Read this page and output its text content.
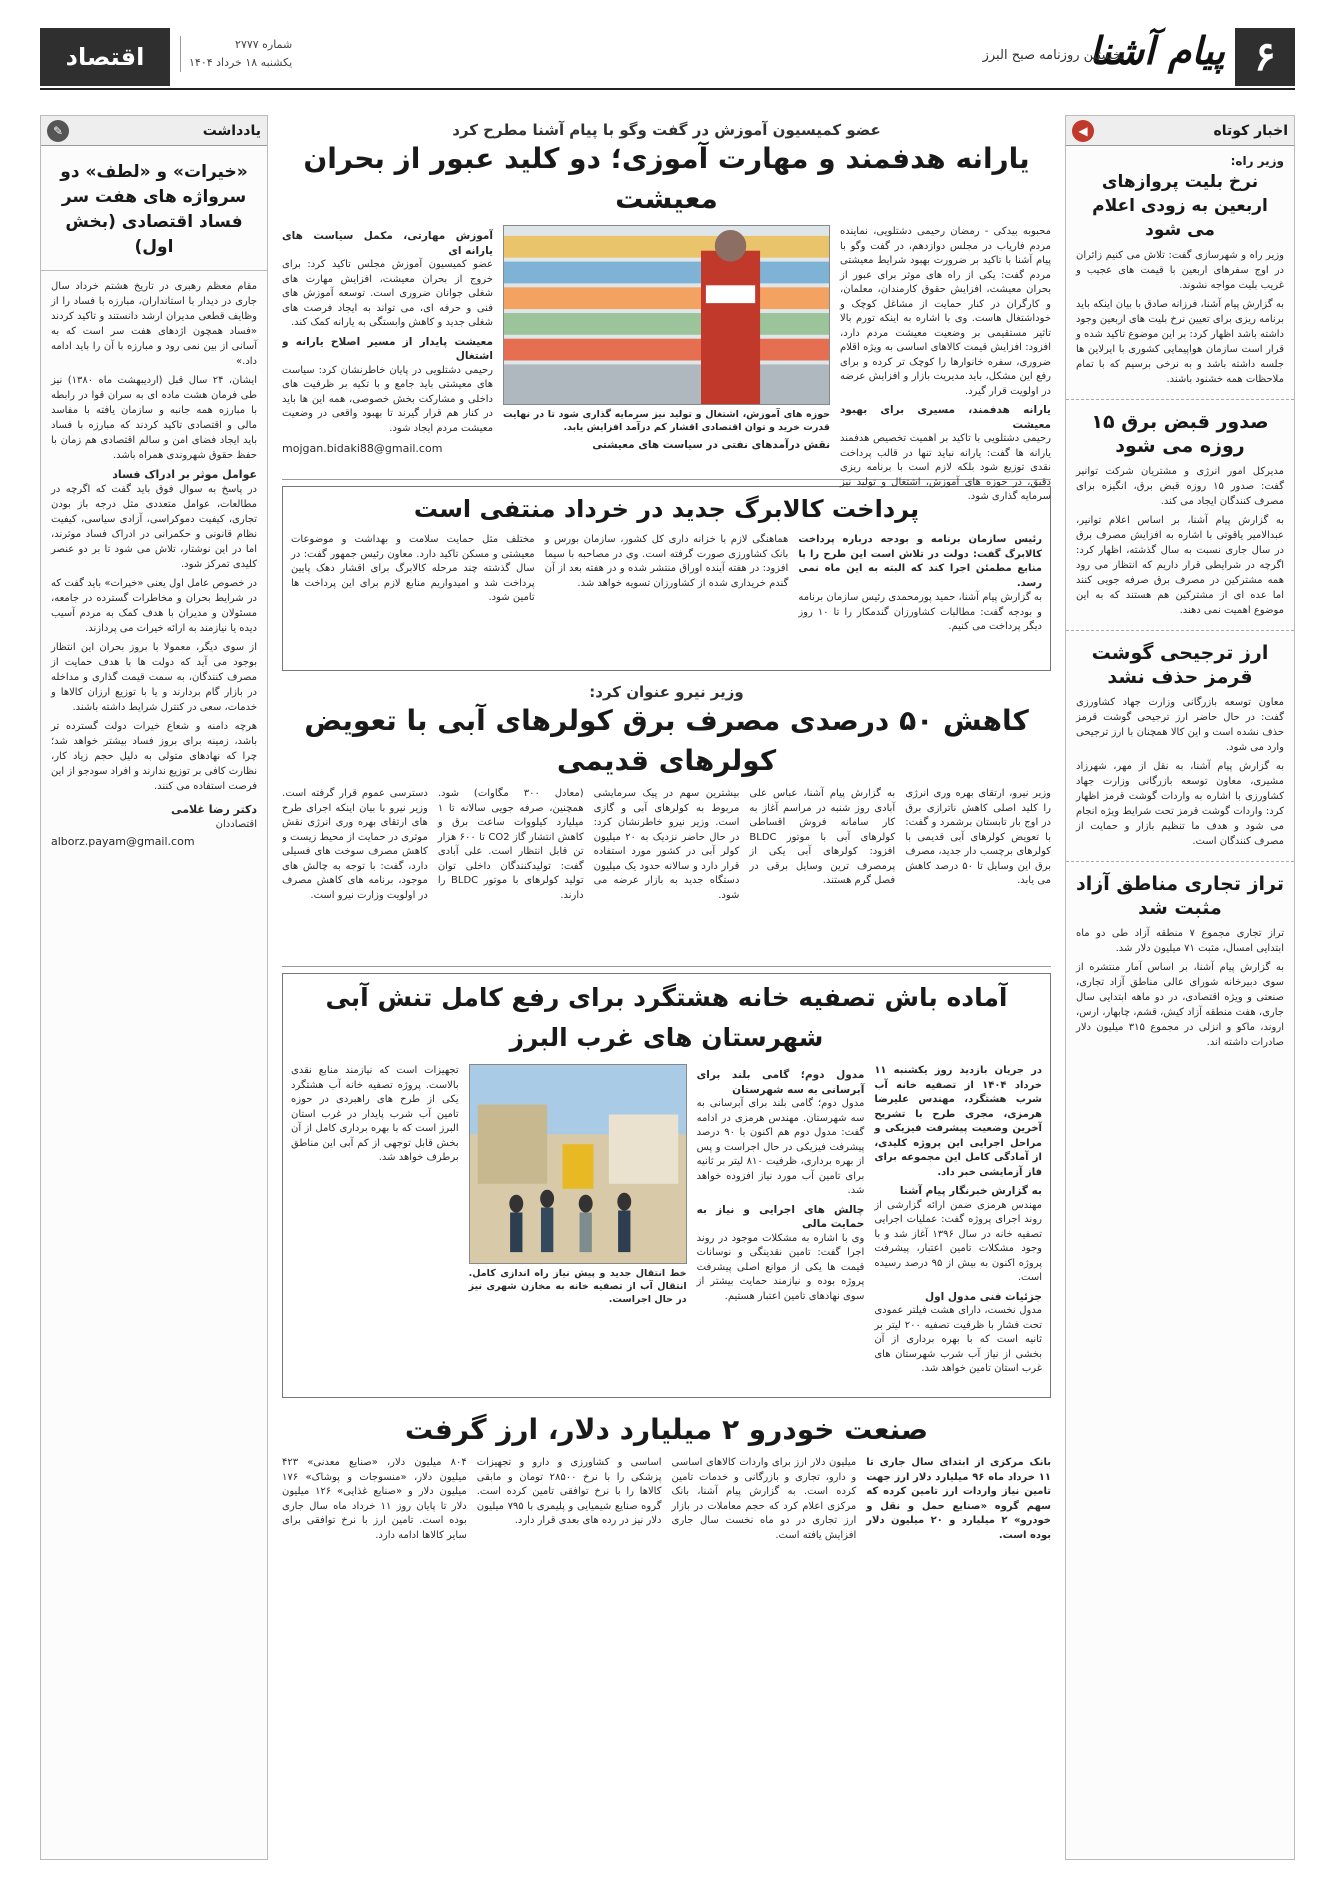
۶
پیام آشنا
نخستین روزنامه صبح البرز
شماره ۲۷۷۷
یکشنبه ۱۸ خرداد ۱۴۰۴
اقتصاد
اخبار کوتاه
◀
وزیر راه:
نرخ بلیت پروازهای اربعین به زودی اعلام می شود

وزیر راه و شهرسازی گفت: تلاش می کنیم زائران در اوج سفرهای اربعین با قیمت های عجیب و غریب بلیت مواجه نشوند.

به گزارش پیام آشنا، فرزانه صادق با بیان اینکه باید برنامه ریزی برای تعیین نرخ بلیت های اربعین وجود داشته باشد اظهار کرد: بر این موضوع تاکید شده و قرار است سازمان هواپیمایی کشوری با ایرلاین ها جلسه داشته باشد و به نرخی برسیم که با تمام ملاحظات همه خشنود باشند.

صدور قبض برق ۱۵ روزه می شود

مدیرکل امور انرژی و مشتریان شرکت توانیر گفت: صدور ۱۵ روزه قبض برق، انگیزه برای مصرف کنندگان ایجاد می کند.

به گزارش پیام آشنا، بر اساس اعلام توانیر، عبدالامیر یاقوتی با اشاره به افزایش مصرف برق در سال جاری نسبت به سال گذشته، اظهار کرد: اگرچه در شرایطی قرار داریم که انتظار می رود همه مشترکین در مصرف برق صرفه جویی کنند اما عده ای از مشترکین هم هستند که به این موضوع اهمیت نمی دهند.

ارز ترجیحی گوشت قرمز حذف نشد

معاون توسعه بازرگانی وزارت جهاد کشاورزی گفت: در حال حاضر ارز ترجیحی گوشت قرمز حذف نشده است و این کالا همچنان با ارز ترجیحی وارد می شود.

به گزارش پیام آشنا، به نقل از مهر، شهرزاد مشیری، معاون توسعه بازرگانی وزارت جهاد کشاورزی با اشاره به واردات گوشت قرمز اظهار کرد: واردات گوشت قرمز تحت شرایط ویژه انجام می شود و هدف ما تنظیم بازار و حمایت از مصرف کنندگان است.

تراز تجاری مناطق آزاد مثبت شد

تراز تجاری مجموع ۷ منطقه آزاد طی دو ماه ابتدایی امسال، مثبت ۷۱ میلیون دلار شد.

به گزارش پیام آشنا، بر اساس آمار منتشره از سوی دبیرخانه شورای عالی مناطق آزاد تجاری، صنعتی و ویژه اقتصادی، در دو ماهه ابتدایی سال جاری، هفت منطقه آزاد کیش، قشم، چابهار، ارس، اروند، ماکو و انزلی در مجموع ۳۱۵ میلیون دلار صادرات داشته اند.

یادداشت
✎
«خیرات» و «لطف» دو سرواژه های هفت سر فساد اقتصادی (بخش اول)

مقام معظم رهبری در تاریخ هشتم خرداد سال جاری در دیدار با استانداران، مبارزه با فساد را از وظایف قطعی مدیران ارشد دانستند و تاکید کردند «فساد همچون اژدهای هفت سر است که به آسانی از بین نمی رود و مبارزه با آن را باید ادامه داد.»

ایشان، ۲۴ سال قبل (اردیبهشت ماه ۱۳۸۰) نیز طی فرمان هشت ماده ای به سران قوا در رابطه با مبارزه همه جانبه و سازمان یافته با مفاسد مالی و اقتصادی تاکید کردند که مبارزه با فساد باید ایجاد فضای امن و سالم اقتصادی هم زمان با حفظ حقوق شهروندی همراه باشد.

عوامل موثر بر ادراک فساد

در پاسخ به سوال فوق باید گفت که اگرچه در مطالعات، عوامل متعددی مثل درجه باز بودن تجاری، کیفیت دموکراسی، آزادی سیاسی، کیفیت نظام قانونی و حکمرانی در ادراک فساد موثرند، اما در این نوشتار، تلاش می شود تا بر دو عنصر کلیدی تمرکز شود.

در خصوص عامل اول یعنی «خیرات» باید گفت که در شرایط بحران و مخاطرات گسترده در جامعه، مسئولان و مدیران با هدف کمک به مردم آسیب دیده یا نیازمند به ارائه خیرات می پردازند.

از سوی دیگر، معمولا با بروز بحران این انتظار بوجود می آید که دولت ها با هدف حمایت از مصرف کنندگان، به سمت قیمت گذاری و مداخله در بازار گام بردارند و یا با توزیع ارزان کالاها و خدمات، سعی در کنترل شرایط داشته باشند.

هرچه دامنه و شعاع خیرات دولت گسترده تر باشد، زمینه برای بروز فساد بیشتر خواهد شد؛ چرا که نهادهای متولی به دلیل حجم زیاد کار، نظارت کافی بر توزیع ندارند و افراد سودجو از این فرصت استفاده می کنند.

دکتر رضا غلامی
اقتصاددان
alborz.payam@gmail.com
عضو کمیسیون آموزش در گفت وگو با پیام آشنا مطرح کرد
یارانه هدفمند و مهارت آموزی؛ دو کلید عبور از بحران معیشت

محبوبه بیدکی - رمضان رحیمی دشتلویی، نماینده مردم فاریاب در مجلس دوازدهم، در گفت وگو با پیام آشنا با تاکید بر ضرورت بهبود شرایط معیشتی مردم گفت: یکی از راه های موثر برای عبور از بحران معیشت، افزایش حقوق کارمندان، معلمان، و کارگران در کنار حمایت از مشاغل کوچک و خوداشتغال هاست. وی با اشاره به اینکه تورم بالا تاثیر مستقیمی بر وضعیت معیشت مردم دارد، افزود: افزایش قیمت کالاهای اساسی به ویژه اقلام ضروری، سفره خانوارها را کوچک تر کرده و برای رفع این مشکل، باید مدیریت بازار و افزایش عرضه در اولویت قرار گیرد.

یارانه هدفمند، مسیری برای بهبود معیشت

رحیمی دشتلویی با تاکید بر اهمیت تخصیص هدفمند یارانه ها گفت: یارانه نباید تنها در قالب پرداخت نقدی توزیع شود بلکه لازم است با برنامه ریزی دقیق، در حوزه های آموزش، اشتغال و تولید نیز سرمایه گذاری شود.

حوزه های آموزش، اشتغال و تولید نیز سرمایه گذاری شود تا در نهایت قدرت خرید و توان اقتصادی اقشار کم درآمد افزایش یابد.
نقش درآمدهای نفتی در سیاست های معیشتی
آموزش مهارتی، مکمل سیاست های یارانه ای

عضو کمیسیون آموزش مجلس تاکید کرد: برای خروج از بحران معیشت، افزایش مهارت های شغلی جوانان ضروری است. توسعه آموزش های فنی و حرفه ای، می تواند به ایجاد فرصت های شغلی جدید و کاهش وابستگی به یارانه کمک کند.

معیشت پایدار از مسیر اصلاح یارانه و اشتغال

رحیمی دشتلویی در پایان خاطرنشان کرد: سیاست های معیشتی باید جامع و با تکیه بر ظرفیت های داخلی و مشارکت بخش خصوصی، همه این ها باید در کنار هم قرار گیرند تا بهبود واقعی در وضعیت معیشت مردم ایجاد شود.

mojgan.bidaki88@gmail.com
پرداخت کالابرگ جدید در خرداد منتفی است

رئیس سازمان برنامه و بودجه درباره پرداخت کالابرگ گفت: دولت در تلاش است این طرح را با منابع مطمئن اجرا کند که البته به این ماه نمی رسد.

به گزارش پیام آشنا، حمید پورمحمدی رئیس سازمان برنامه و بودجه گفت: مطالبات کشاورزان گندمکار را تا ۱۰ روز دیگر پرداخت می کنیم.

هماهنگی لازم با خزانه داری کل کشور، سازمان بورس و بانک کشاورزی صورت گرفته است. وی در مصاحبه با سیما افزود: در هفته آینده اوراق منتشر شده و در هفته بعد از آن گندم خریداری شده از کشاورزان تسویه خواهد شد.

مختلف مثل حمایت سلامت و بهداشت و موضوعات معیشتی و مسکن تاکید دارد. معاون رئیس جمهور گفت: در سال گذشته چند مرحله کالابرگ برای اقشار دهک پایین پرداخت شد و امیدواریم منابع لازم برای این پرداخت ها تامین شود.

وزیر نیرو عنوان کرد:
کاهش ۵۰ درصدی مصرف برق کولرهای آبی با تعویض کولرهای قدیمی
وزیر نیرو، ارتقای بهره وری انرژی را کلید اصلی کاهش ناترازی برق در اوج بار تابستان برشمرد و گفت: با تعویض کولرهای آبی قدیمی با کولرهای برچسب دار جدید، مصرف برق این وسایل تا ۵۰ درصد کاهش می یابد.
به گزارش پیام آشنا، عباس علی آبادی روز شنبه در مراسم آغاز به کار سامانه فروش اقساطی کولرهای آبی با موتور BLDC افزود: کولرهای آبی یکی از پرمصرف ترین وسایل برقی در فصل گرم هستند.
بیشترین سهم در پیک سرمایشی مربوط به کولرهای آبی و گازی است. وزیر نیرو خاطرنشان کرد: در حال حاضر نزدیک به ۲۰ میلیون کولر آبی در کشور مورد استفاده قرار دارد و سالانه حدود یک میلیون دستگاه جدید به بازار عرضه می شود.
(معادل ۳۰۰ مگاوات) شود. همچنین، صرفه جویی سالانه تا ۱ میلیارد کیلووات ساعت برق و کاهش انتشار گاز CO2 تا ۶۰۰ هزار تن قابل انتظار است. علی آبادی گفت: تولیدکنندگان داخلی توان تولید کولرهای با موتور BLDC را دارند.
دسترسی عموم قرار گرفته است. وزیر نیرو با بیان اینکه اجرای طرح های ارتقای بهره وری انرژی نقش موثری در حمایت از محیط زیست و کاهش مصرف سوخت های فسیلی دارد، گفت: با توجه به چالش های موجود، برنامه های کاهش مصرف در اولویت وزارت نیرو است.
آماده باش تصفیه خانه هشتگرد برای رفع کامل تنش آبی شهرستان های غرب البرز

در جریان بازدید روز یکشنبه ۱۱ خرداد ۱۴۰۴ از تصفیه خانه آب شرب هشتگرد، مهندس علیرضا هرمزی، مجری طرح با تشریح آخرین وضعیت پیشرفت فیزیکی و مراحل اجرایی این پروژه کلیدی، از آمادگی کامل این مجموعه برای فاز آزمایشی خبر داد.

به گزارش خبرنگار پیام آشنا

مهندس هرمزی ضمن ارائه گزارشی از روند اجرای پروژه گفت: عملیات اجرایی تصفیه خانه در سال ۱۳۹۶ آغاز شد و با وجود مشکلات تامین اعتبار، پیشرفت پروژه اکنون به بیش از ۹۵ درصد رسیده است.

جزئیات فنی مدول اول

مدول نخست، دارای هشت فیلتر عمودی تحت فشار با ظرفیت تصفیه ۲۰۰ لیتر بر ثانیه است که با بهره برداری از آن بخشی از نیاز آب شرب شهرستان های غرب استان تامین خواهد شد.

مدول دوم؛ گامی بلند برای آبرسانی به سه شهرستان

مدول دوم؛ گامی بلند برای آبرسانی به سه شهرستان. مهندس هرمزی در ادامه گفت: مدول دوم هم اکنون با ۹۰ درصد پیشرفت فیزیکی در حال اجراست و پس از بهره برداری، ظرفیت ۸۱۰ لیتر بر ثانیه برای تامین آب مورد نیاز افزوده خواهد شد.

چالش های اجرایی و نیاز به حمایت مالی

وی با اشاره به مشکلات موجود در روند اجرا گفت: تامین نقدینگی و نوسانات قیمت ها یکی از موانع اصلی پیشرفت پروژه بوده و نیازمند حمایت بیشتر از سوی نهادهای تامین اعتبار هستیم.

خط انتقال جدید و پیش نیاز راه اندازی کامل. انتقال آب از تصفیه خانه به مخازن شهری نیز در حال اجراست.

تجهیزات است که نیازمند منابع نقدی بالاست. پروژه تصفیه خانه آب هشتگرد یکی از طرح های راهبردی در حوزه تامین آب شرب پایدار در غرب استان البرز است که با بهره برداری کامل از آن بخش قابل توجهی از کم آبی این مناطق برطرف خواهد شد.

صنعت خودرو ۲ میلیارد دلار، ارز گرفت
بانک مرکزی از ابتدای سال جاری تا ۱۱ خرداد ماه ۹۶ میلیارد دلار ارز جهت تامین نیاز واردات ارز تامین کرده که سهم گروه «صنایع حمل و نقل و خودرو» ۲ میلیارد و ۲۰ میلیون دلار بوده است.
میلیون دلار ارز برای واردات کالاهای اساسی و دارو، تجاری و بازرگانی و خدمات تامین کرده است. به گزارش پیام آشنا، بانک مرکزی اعلام کرد که حجم معاملات در بازار ارز تجاری در دو ماه نخست سال جاری افزایش یافته است.
اساسی و کشاورزی و دارو و تجهیزات پزشکی را با نرخ ۲۸۵۰۰ تومان و مابقی کالاها را با نرخ توافقی تامین کرده است. گروه صنایع شیمیایی و پلیمری با ۷۹۵ میلیون دلار نیز در رده های بعدی قرار دارد.
۸۰۴ میلیون دلار، «صنایع معدنی» ۴۲۳ میلیون دلار، «منسوجات و پوشاک» ۱۷۶ میلیون دلار و «صنایع غذایی» ۱۲۶ میلیون دلار تا پایان روز ۱۱ خرداد ماه سال جاری بوده است. تامین ارز با نرخ توافقی برای سایر کالاها ادامه دارد.
